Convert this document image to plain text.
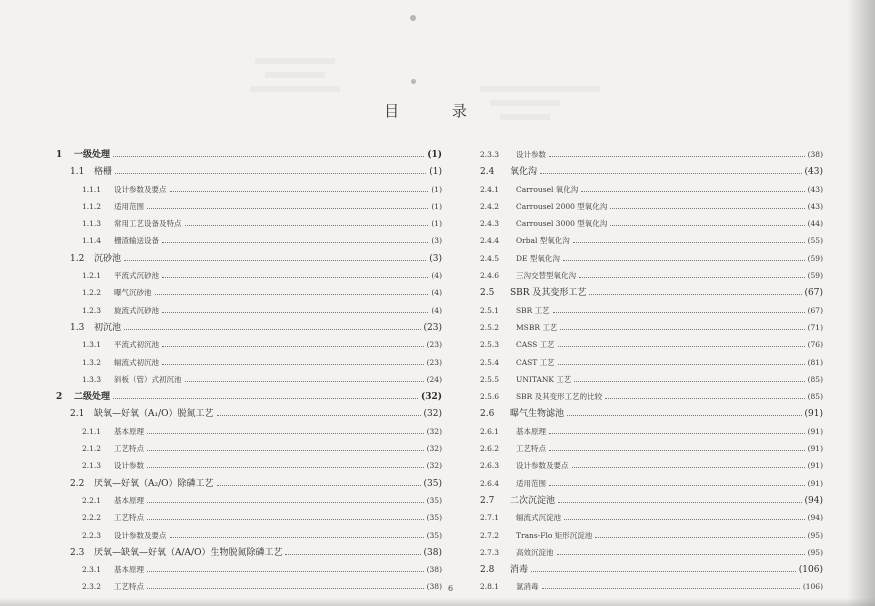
目 录
1	一级处理	(1)
1.1	格栅	(1)
1.1.1	设计参数及要点	(1)
1.1.2	适用范围	(1)
1.1.3	常用工艺设备及特点	(1)
1.1.4	栅渣输送设备	(3)
1.2	沉砂池	(3)
1.2.1	平流式沉砂池	(4)
1.2.2	曝气沉砂池	(4)
1.2.3	旋流式沉砂池	(4)
1.3	初沉池	(23)
1.3.1	平流式初沉池	(23)
1.3.2	辐流式初沉池	(23)
1.3.3	斜板（管）式初沉池	(24)
2	二级处理	(32)
2.1	缺氧—好氧（A₁/O）脱氮工艺	(32)
2.1.1	基本原理	(32)
2.1.2	工艺特点	(32)
2.1.3	设计参数	(32)
2.2	厌氧—好氧（A₂/O）除磷工艺	(35)
2.2.1	基本原理	(35)
2.2.2	工艺特点	(35)
2.2.3	设计参数及要点	(35)
2.3	厌氧—缺氧—好氧（A/A/O）生物脱氮除磷工艺	(38)
2.3.1	基本原理	(38)
2.3.2	工艺特点	(38)
2.3.3	设计参数	(38)
2.4	氧化沟	(43)
2.4.1	Carrousel 氧化沟	(43)
2.4.2	Carrousel 2000 型氧化沟	(43)
2.4.3	Carrousel 3000 型氧化沟	(44)
2.4.4	Orbal 型氧化沟	(55)
2.4.5	DE 型氧化沟	(59)
2.4.6	三沟交替型氧化沟	(59)
2.5	SBR 及其变形工艺	(67)
2.5.1	SBR 工艺	(67)
2.5.2	MSBR 工艺	(71)
2.5.3	CASS 工艺	(76)
2.5.4	CAST 工艺	(81)
2.5.5	UNITANK 工艺	(85)
2.5.6	SBR 及其变形工艺的比较	(85)
2.6	曝气生物滤池	(91)
2.6.1	基本原理	(91)
2.6.2	工艺特点	(91)
2.6.3	设计参数及要点	(91)
2.6.4	适用范围	(91)
2.7	二次沉淀池	(94)
2.7.1	辐流式沉淀池	(94)
2.7.2	Trans-Flo 矩形沉淀池	(95)
2.7.3	高效沉淀池	(95)
2.8	消毒	(106)
2.8.1	氯消毒	(106)
6
